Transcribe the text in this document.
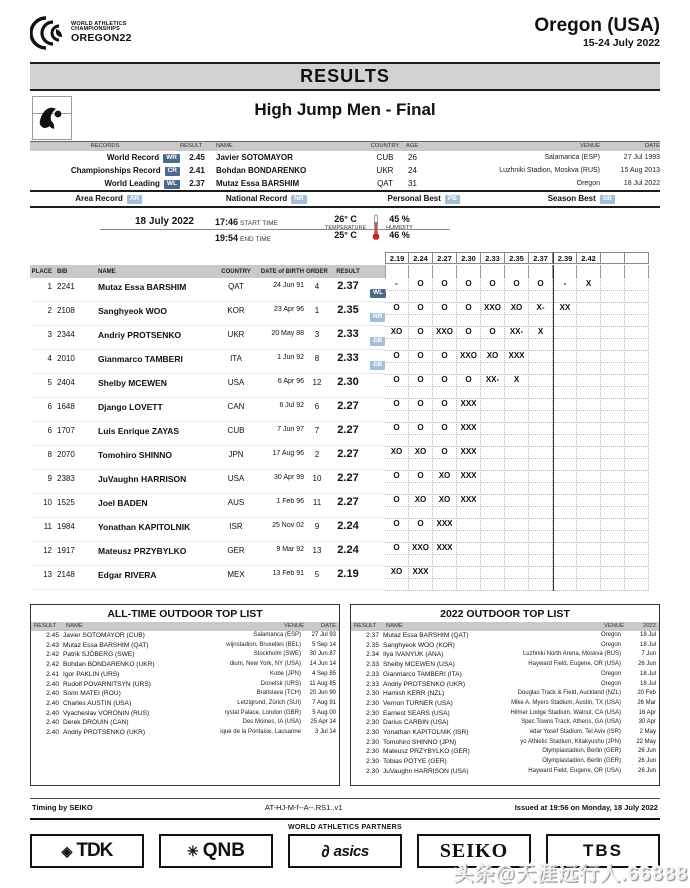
WORLD ATHLETICS
CHAMPIONSHIPS
OREGON22
Oregon (USA)
15-24 July 2022
RESULTS
High Jump Men - Final
RECORDS	RESULT	NAME	COUNTRY	AGE	VENUE	DATE
World Record WR	2.45	Javier SOTOMAYOR	CUB	26	Salamanca (ESP)	27 Jul 1993
Championships Record CR	2.41	Bohdan BONDARENKO	UKR	24	Luzhniki Stadion, Moskva (RUS)	15 Aug 2013
World Leading WL	2.37	Mutaz Essa BARSHIM	QAT	31	Oregon	18 Jul 2022
Area Record AR	National Record NR	Personal Best PB	Season Best SB
18 July 2022 17:46 START TIME
19:54 END TIME
26° C
TEMPERATURE
25° C
45 %
HUMIDITY
46 %
2.19	2.24	2.27	2.30	2.33	2.35	2.37	2.39	2.42
PLACE BIB	NAME	COUNTRY	DATE of BIRTH ORDER	RESULT
1 2241	Mutaz Essa BARSHIM	QAT	24 Jun 91	4	2.37
WL
-	O	O	O	O	O	O	-	X
2 2108	Sanghyeok WOO	KOR	23 Apr 96	1	2.35
NR
O	O	O	O	XXO	XO	X-	XX
3 2344	Andriy PROTSENKO	UKR	20 May 88	3	2.33
SB
XO	O	XXO	O	O	XX-	X
4 2010	Gianmarco TAMBERI	ITA	1 Jun 92	8	2.33
SB
O	O	O	XXO	XO	XXX
5 2404	Shelby MCEWEN	USA	6 Apr 96	12	2.30	O	O	O	O	XX-	X
6 1648	Django LOVETT	CAN	6 Jul 92	6	2.27	O	O	O	XXX
6 1707	Luis Enrique ZAYAS	CUB	7 Jun 97	7	2.27	O	O	O	XXX
8 2070	Tomohiro SHINNO	JPN	17 Aug 96	2	2.27	XO	XO	O	XXX
9 2383	JuVaughn HARRISON	USA	30 Apr 99	10	2.27	O	O	XO	XXX
10 1525	Joel BADEN	AUS	1 Feb 96	11	2.27	O	XO	XO	XXX
11 1984	Yonathan KAPITOLNIK	ISR	25 Nov 02	9	2.24	O	O	XXX
12 1917	Mateusz PRZYBYLKO	GER	9 Mar 92	13	2.24	O	XXO XXX
13 2148	Edgar RIVERA	MEX	13 Feb 91	5	2.19	XO	XXX
ALL-TIME OUTDOOR TOP LIST
RESULT	NAME	VENUE	DATE
2.45 Javier SOTOMAYOR (CUB)	Salamanca (ESP)	27 Jul 93
2.43 Mutaz Essa BARSHIM (QAT)	wijnstadion, Bruxelles (BEL)	5 Sep 14
2.42 Patrik SJÖBERG (SWE)	Stockholm (SWE)	30 Jun 87
2.42 Bohdan BONDARENKO (UKR)	dium, New York, NY (USA)	14 Jun 14
2.41 Igor PAKLIN (URS)	Kobe (JPN)	4 Sep 85
2.40 Rudolf POVARNITSYN (URS)	Donetsk (URS)	11 Aug 85
2.40 Sorin MATEI (ROU)	Bratislava (TCH)	20 Jun 90
2.40 Charles AUSTIN (USA)	Letzigrund, Zürich (SUI)	7 Aug 91
2.40 Vyacheslav VORONIN (RUS)	rystal Palace, London (GBR)	5 Aug 00
2.40 Derek DROUIN (CAN)	Des Moines, IA (USA)	25 Apr 14
2.40 Andriy PROTSENKO (UKR)	ique de la Pontaise, Lausanne	3 Jul 14
2022 OUTDOOR TOP LIST
RESULT	NAME	VENUE	2022
2.37 Mutaz Essa BARSHIM (QAT)	Oregon	18 Jul
2.35 Sanghyeok WOO (KOR)	Oregon	18 Jul
2.34 Ilya IVANYUK (ANA)	Luzhniki North Arena, Moskva (RUS)	7 Jun
2.33 Shelby MCEWEN (USA)	Hayward Field, Eugene, OR (USA)	26 Jun
2.33 Gianmarco TAMBERI (ITA)	Oregon	18 Jul
2.33 Andriy PROTSENKO (UKR)	Oregon	18 Jul
2.30 Hamish KERR (NZL)	Douglas Track & Field, Auckland (NZL)	20 Feb
2.30 Vernon TURNER (USA)	Mike A. Myers Stadium, Austin, TX (USA)	26 Mar
2.30 Earnest SEARS (USA)	Hilmer Lodge Stadium, Walnut, CA (USA)	16 Apr
2.30 Darius CARBIN (USA)	Spec Towns Track, Athens, GA (USA)	30 Apr
2.30 Yonathan KAPITOLNIK (ISR)	edar Yosef Stadium, Tel Aviv (ISR)	2 May
2.30 Tomohiro SHINNO (JPN)	yo Athletic Stadium, Kitakyushu (JPN)	22 May
2.30 Mateusz PRZYBYLKO (GER)	Olympiastadion, Berlin (GER)	26 Jun
2.30 Tobias POTYE (GER)	Olympiastadion, Berlin (GER)	26 Jun
2.30 JuVaughn HARRISON (USA)	Hayward Field, Eugene, OR (USA)	26 Jun
Timing by SEIKO	AT-HJ-M-f--A--.RS1..v1	Issued at 19:56 on Monday, 18 July 2022
WORLD ATHLETICS PARTNERS
◈ TDK	✳ QNB	∂ asics	SEIKO	TBS
头条@天涯远行人.66888
